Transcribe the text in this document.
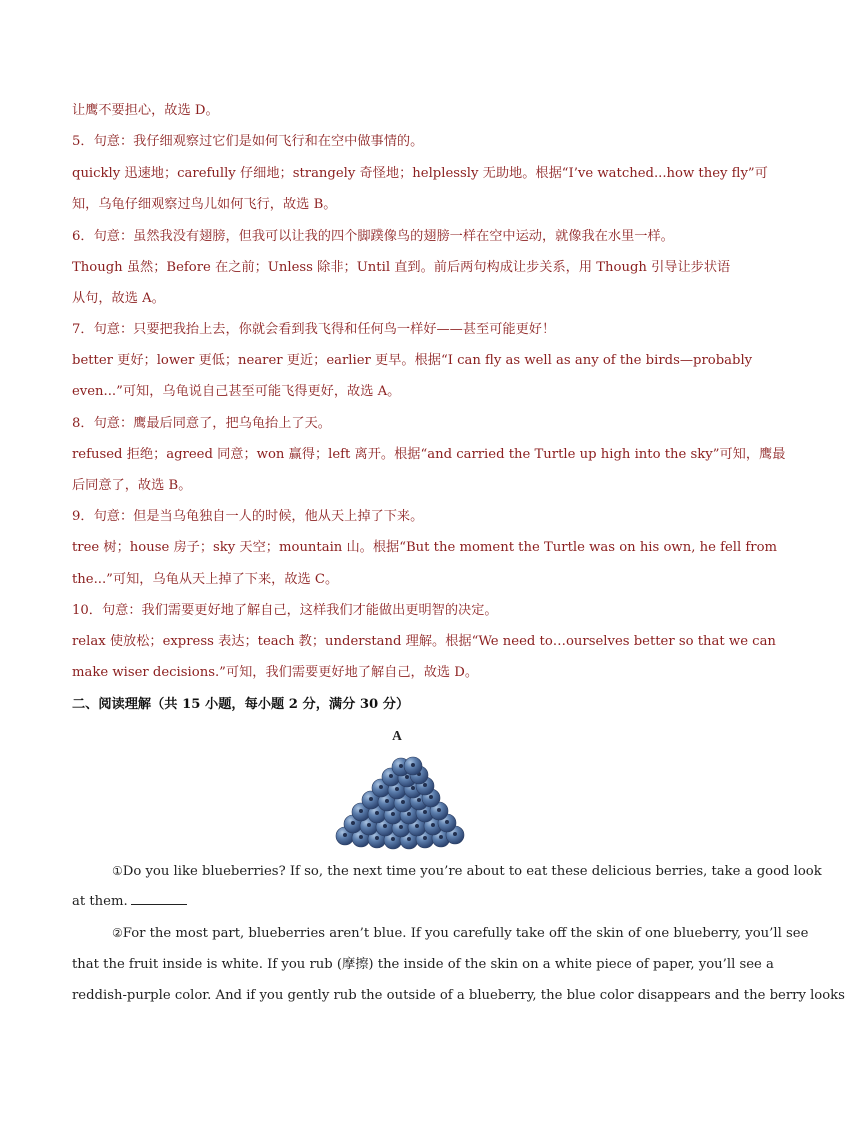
让鹰不要担心，故选 D。
5．句意：我仔细观察过它们是如何飞行和在空中做事情的。
quickly 迅速地；carefully 仔细地；strangely 奇怪地；helplessly 无助地。根据“I’ve watched...how they fly”可
知，乌龟仔细观察过鸟儿如何飞行，故选 B。
6．句意：虽然我没有翅膀，但我可以让我的四个脚蹼像鸟的翅膀一样在空中运动，就像我在水里一样。
Though 虽然；Before 在之前；Unless 除非；Until 直到。前后两句构成让步关系，用 Though 引导让步状语
从句，故选 A。
7．句意：只要把我抬上去，你就会看到我飞得和任何鸟一样好——甚至可能更好！
better 更好；lower 更低；nearer 更近；earlier 更早。根据“I can fly as well as any of the birds—probably
even...”可知，乌龟说自己甚至可能飞得更好，故选 A。
8．句意：鹰最后同意了，把乌龟抬上了天。
refused 拒绝；agreed 同意；won 赢得；left 离开。根据“and carried the Turtle up high into the sky”可知，鹰最
后同意了，故选 B。
9．句意：但是当乌龟独自一人的时候，他从天上掉了下来。
tree 树；house 房子；sky 天空；mountain 山。根据“But the moment the Turtle was on his own, he fell from
the...”可知，乌龟从天上掉了下来，故选 C。
10．句意：我们需要更好地了解自己，这样我们才能做出更明智的决定。
relax 使放松；express 表达；teach 教；understand 理解。根据“We need to…ourselves better so that we can
make wiser decisions.”可知，我们需要更好地了解自己，故选 D。
二、阅读理解（共 15 小题，每小题 2 分，满分 30 分）
A
①Do you like blueberries? If so, the next time you’re about to eat these delicious berries, take a good look
at them.
②For the most part, blueberries aren’t blue. If you carefully take off the skin of one blueberry, you’ll see
that the fruit inside is white. If you rub (摩擦) the inside of the skin on a white piece of paper, you’ll see a
reddish-purple color. And if you gently rub the outside of a blueberry, the blue color disappears and the berry looks
